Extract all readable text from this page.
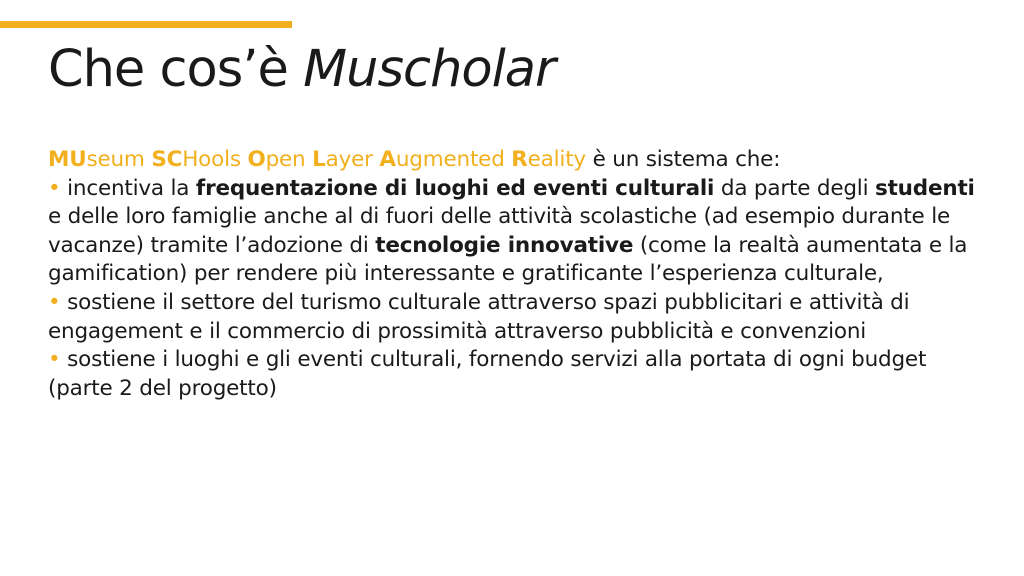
Che cos’è Muscholar

MUseum SCHools Open Layer Augmented Reality è un sistema che:

• incentiva la frequentazione di luoghi ed eventi culturali da parte degli studenti e delle loro famiglie anche al di fuori delle attività scolastiche (ad esempio durante le vacanze) tramite l’adozione di tecnologie innovative (come la realtà aumentata e la gamification) per rendere più interessante e gratificante l’esperienza culturale,

• sostiene il settore del turismo culturale attraverso spazi pubblicitari e attività di engagement e il commercio di prossimità attraverso pubblicità e convenzioni

• sostiene i luoghi e gli eventi culturali, fornendo servizi alla portata di ogni budget (parte 2 del progetto)
